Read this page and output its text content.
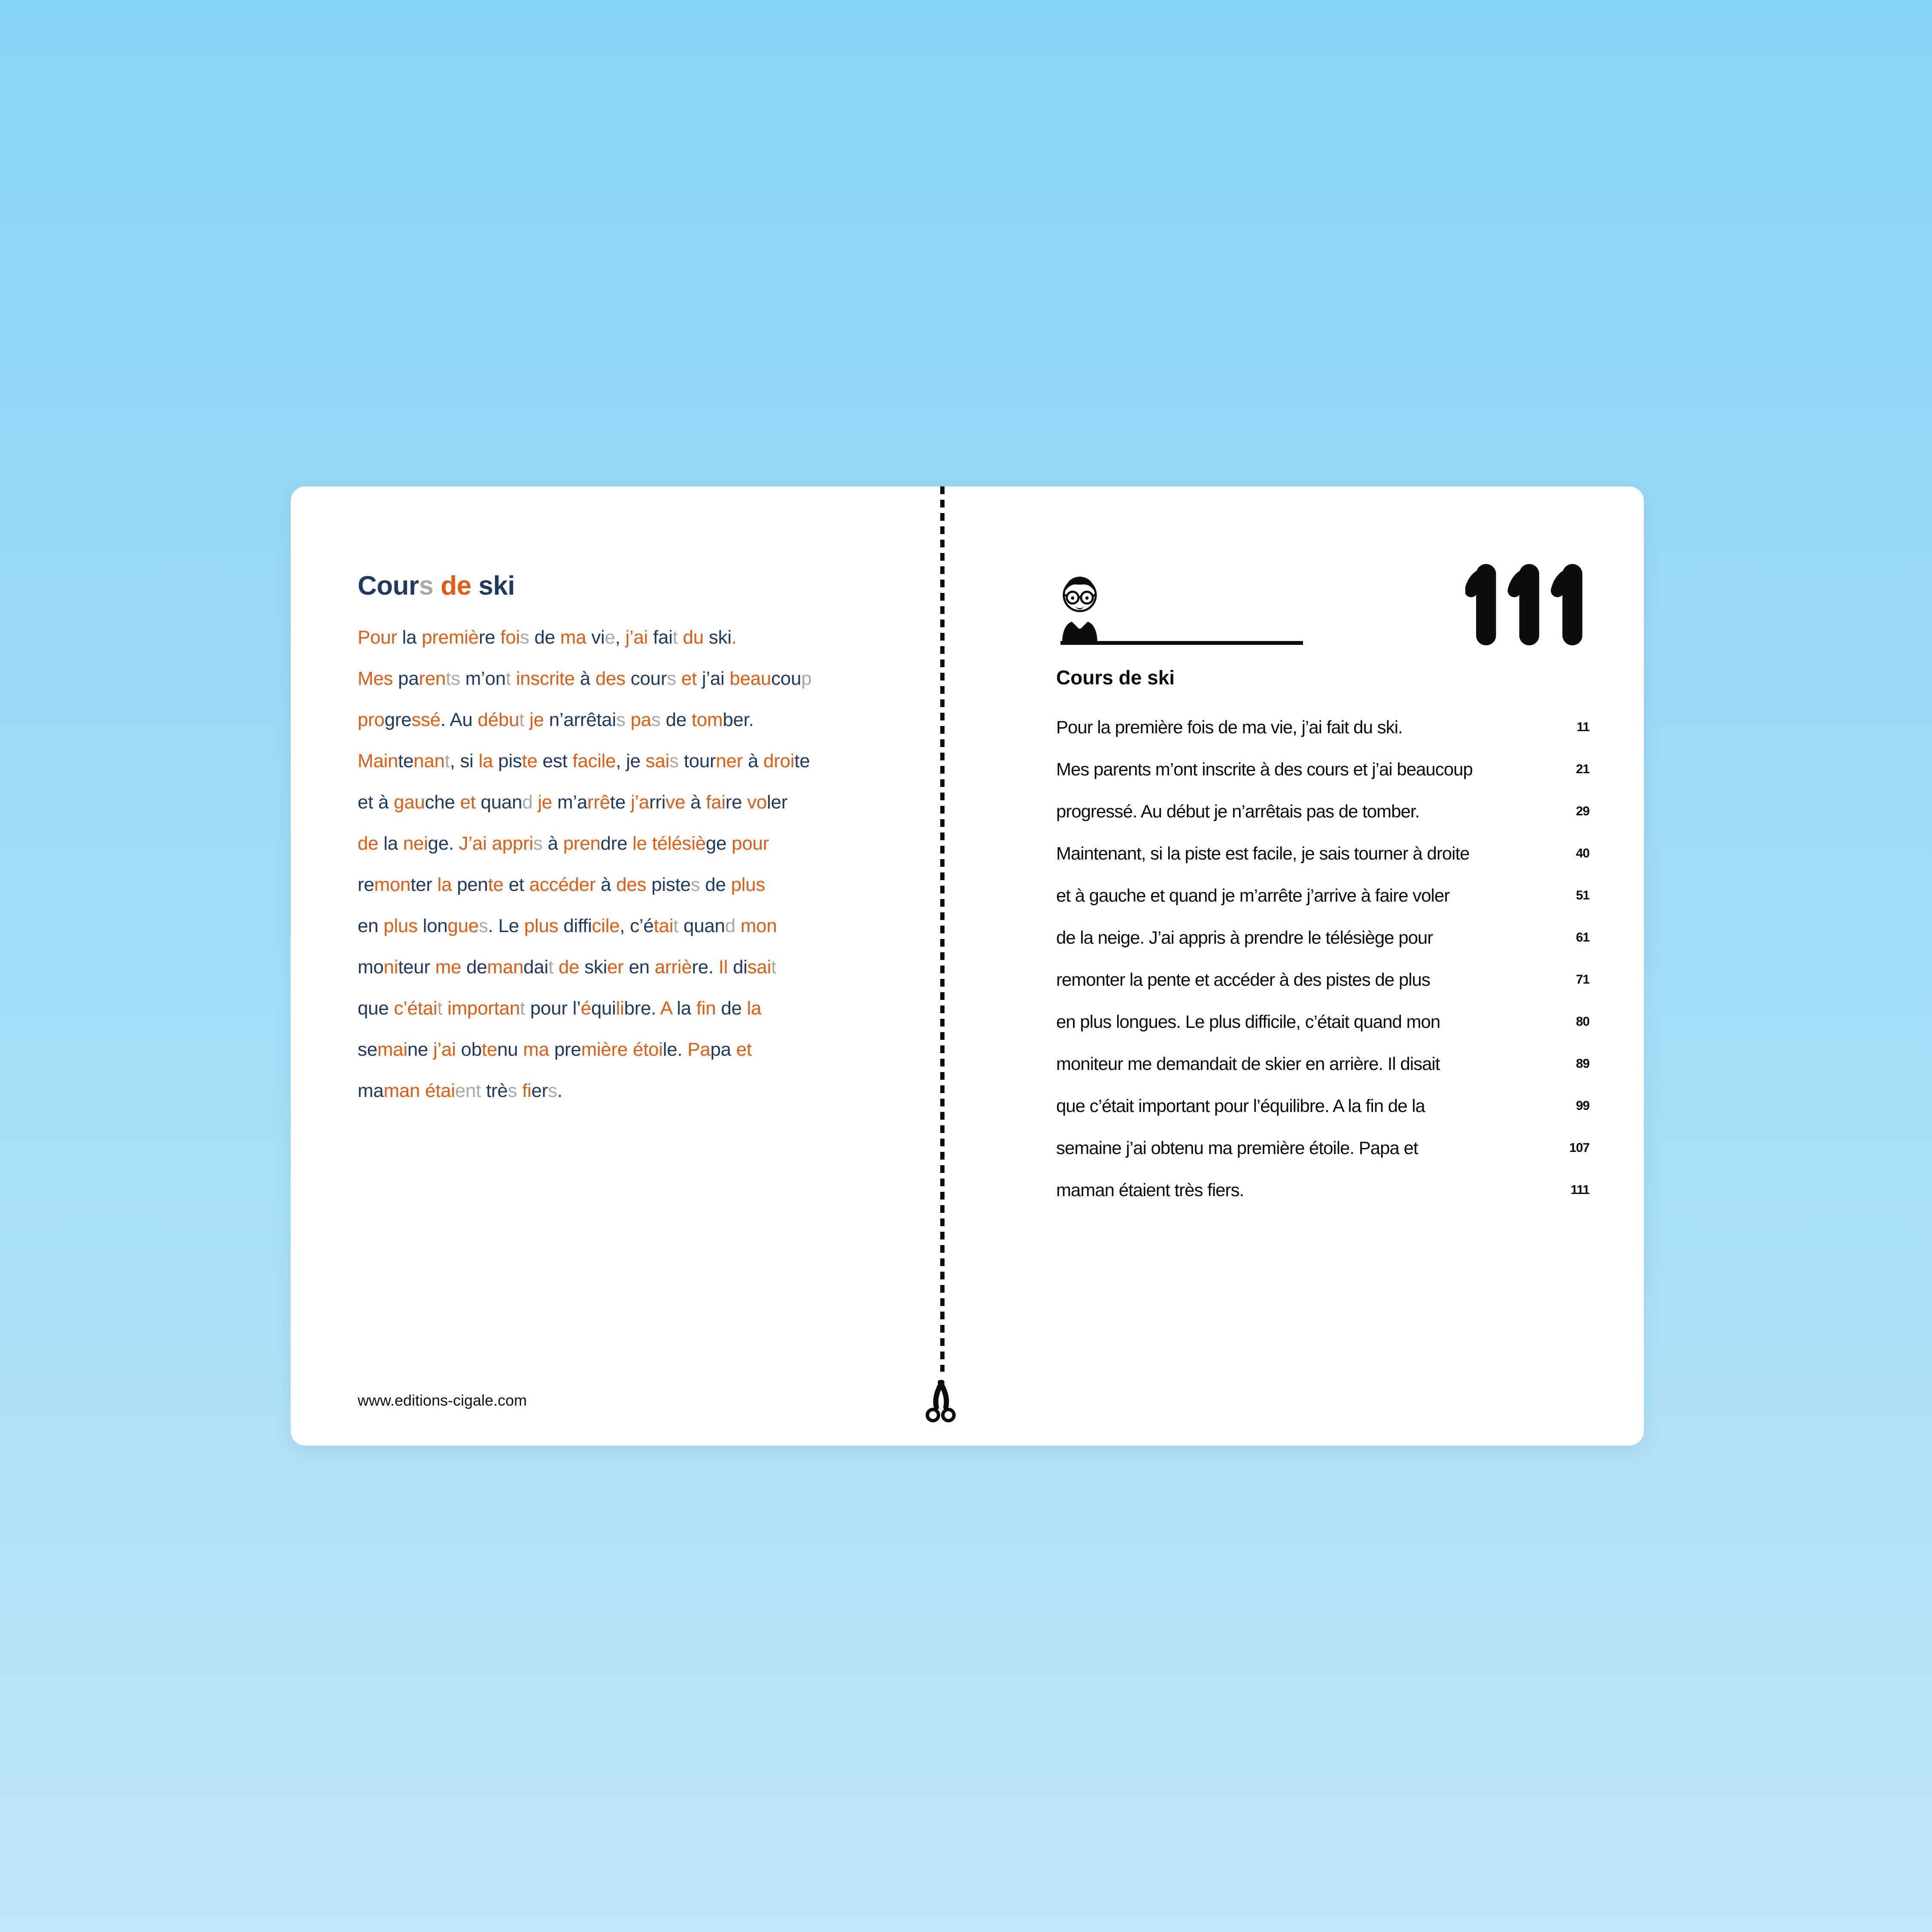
Cours de ski
Pour la première fois de ma vie, j’ai fait du ski.
Mes parents m’ont inscrite à des cours et j’ai beaucoup
progressé. Au début je n’arrêtais pas de tomber.
Maintenant, si la piste est facile, je sais tourner à droite
et à gauche et quand je m’arrête j’arrive à faire voler
de la neige. J’ai appris à prendre le télésiège pour
remonter la pente et accéder à des pistes de plus
en plus longues. Le plus difficile, c’était quand mon
moniteur me demandait de skier en arrière. Il disait
que c’était important pour l’équilibre. A la fin de la
semaine j’ai obtenu ma première étoile. Papa et
maman étaient très fiers.
www.editions-cigale.com
Cours de ski
Pour la première fois de ma vie, j’ai fait du ski.	11
Mes parents m’ont inscrite à des cours et j’ai beaucoup	21
progressé. Au début je n’arrêtais pas de tomber.	29
Maintenant, si la piste est facile, je sais tourner à droite	40
et à gauche et quand je m’arrête j’arrive à faire voler	51
de la neige. J’ai appris à prendre le télésiège pour	61
remonter la pente et accéder à des pistes de plus	71
en plus longues. Le plus difficile, c’était quand mon	80
moniteur me demandait de skier en arrière. Il disait	89
que c’était important pour l’équilibre. A la fin de la	99
semaine j’ai obtenu ma première étoile. Papa et	107
maman étaient très fiers.	111
